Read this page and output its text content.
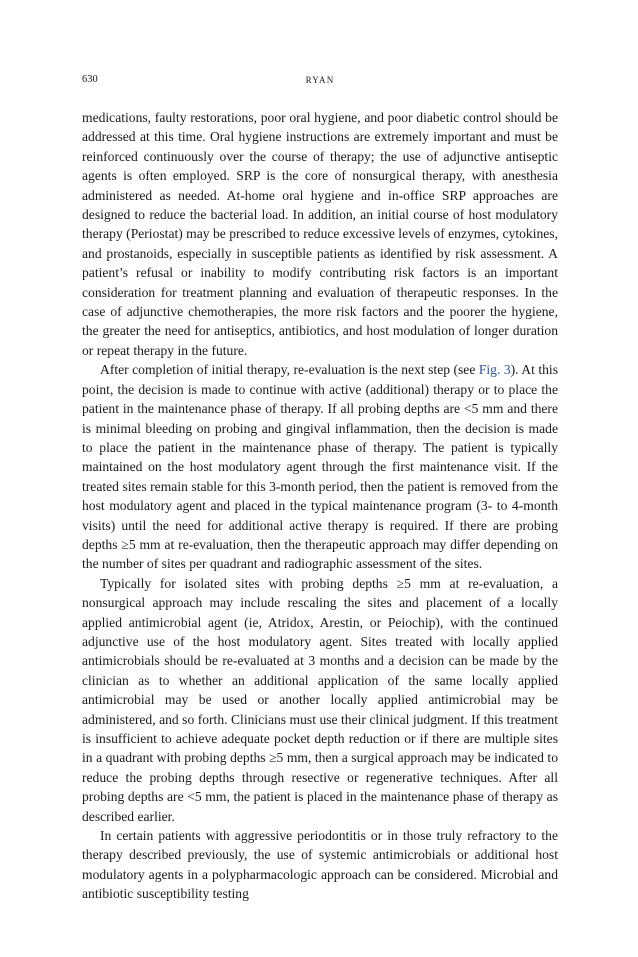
630	RYAN

medications, faulty restorations, poor oral hygiene, and poor diabetic control should be addressed at this time. Oral hygiene instructions are extremely important and must be reinforced continuously over the course of therapy; the use of adjunctive antiseptic agents is often employed. SRP is the core of nonsurgical therapy, with anesthesia administered as needed. At-home oral hygiene and in-office SRP approaches are designed to reduce the bacterial load. In addition, an initial course of host modulatory therapy (Periostat) may be prescribed to reduce excessive levels of enzymes, cytokines, and prostanoids, especially in susceptible patients as identified by risk assessment. A patient’s refusal or inability to modify contributing risk factors is an important consideration for treatment planning and evaluation of therapeutic responses. In the case of adjunctive chemotherapies, the more risk factors and the poorer the hygiene, the greater the need for antiseptics, antibiotics, and host modulation of longer duration or repeat therapy in the future.

After completion of initial therapy, re-evaluation is the next step (see Fig. 3). At this point, the decision is made to continue with active (additional) therapy or to place the patient in the maintenance phase of therapy. If all probing depths are <5 mm and there is minimal bleeding on probing and gingival inflammation, then the decision is made to place the patient in the maintenance phase of therapy. The patient is typically maintained on the host modulatory agent through the first maintenance visit. If the treated sites remain stable for this 3-month period, then the patient is removed from the host modulatory agent and placed in the typical maintenance program (3- to 4-month visits) until the need for additional active therapy is required. If there are probing depths ≥5 mm at re-evaluation, then the therapeutic approach may differ depending on the number of sites per quadrant and radiographic assessment of the sites.

Typically for isolated sites with probing depths ≥5 mm at re-evaluation, a nonsurgical approach may include rescaling the sites and placement of a locally applied antimicrobial agent (ie, Atridox, Arestin, or Peiochip), with the continued adjunctive use of the host modulatory agent. Sites treated with locally applied antimicrobials should be re-evaluated at 3 months and a decision can be made by the clinician as to whether an additional application of the same locally applied antimicrobial may be used or another locally applied antimicrobial may be administered, and so forth. Clinicians must use their clinical judgment. If this treatment is insufficient to achieve adequate pocket depth reduction or if there are multiple sites in a quadrant with probing depths ≥5 mm, then a surgical approach may be indicated to reduce the probing depths through resective or regenerative techniques. After all probing depths are <5 mm, the patient is placed in the maintenance phase of therapy as described earlier.

In certain patients with aggressive periodontitis or in those truly refractory to the therapy described previously, the use of systemic antimicrobials or additional host modulatory agents in a polypharmacologic approach can be considered. Microbial and antibiotic susceptibility testing
